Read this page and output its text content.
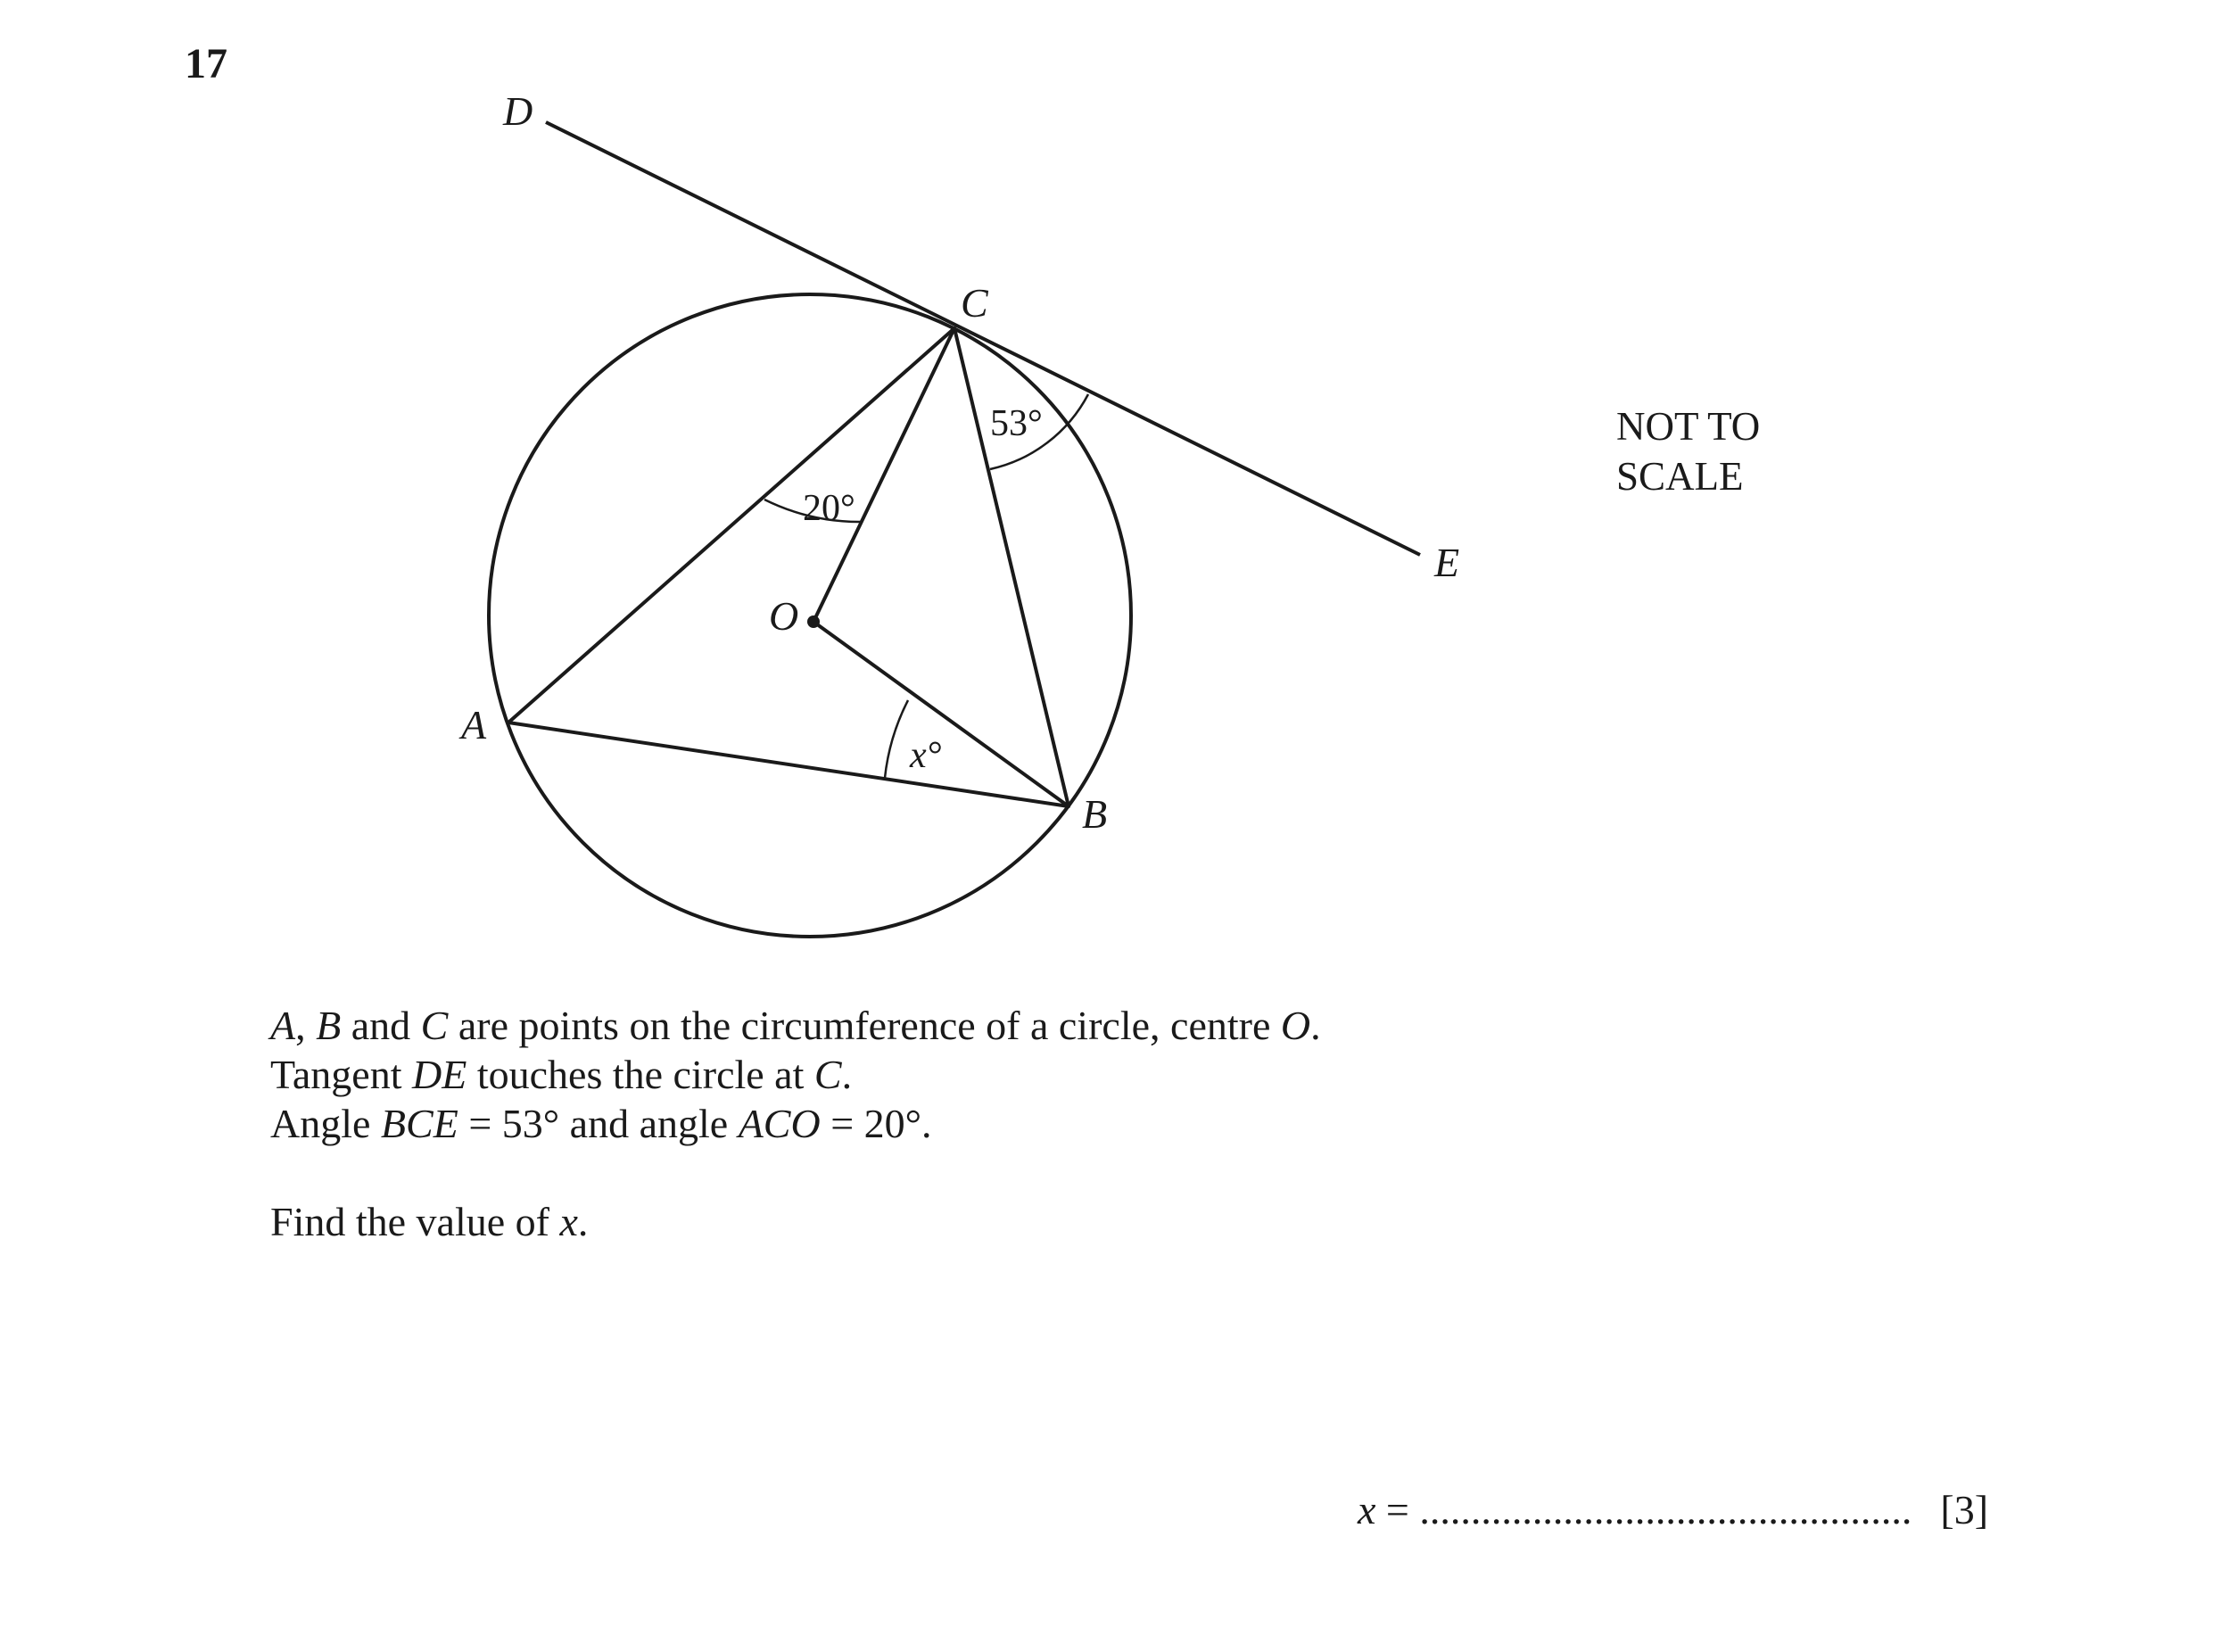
17
D
C
E
O
A
B
20°
53°
x°
NOT TO
SCALE

A, B and C are points on the circumference of a circle, centre O.

Tangent DE touches the circle at C.

Angle BCE = 53° and angle ACO = 20°.

Find the value of x.

x = ................................................ [3]
